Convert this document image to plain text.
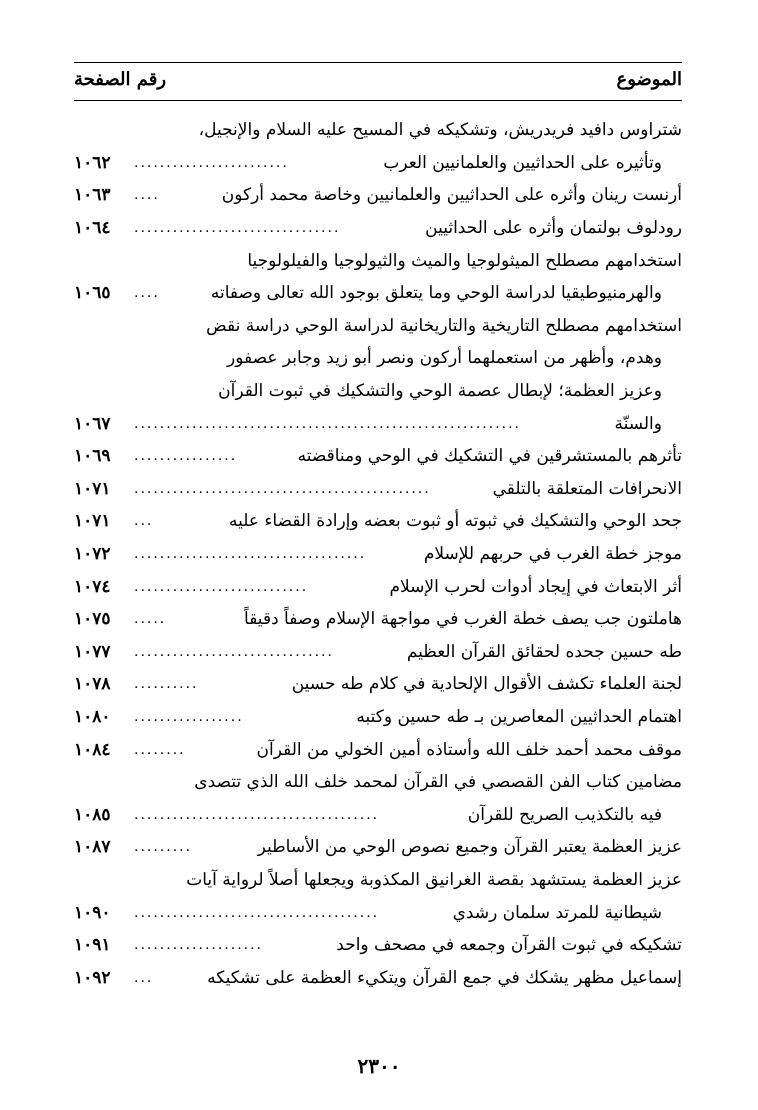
الموضوع
رقم الصفحة
شتراوس دافيد فريدريش، وتشكيكه في المسيح عليه السلام والإنجيل،
وتأثيره على الحداثيين والعلمانيين العرب
........................
١٠٦٢
أرنست رينان وأثره على الحداثيين والعلمانيين وخاصة محمد أركون
....
١٠٦٣
رودلوف بولتمان وأثره على الحداثيين
................................
١٠٦٤
استخدامهم مصطلح الميثولوجيا والميث والثيولوجيا والفيلولوجيا
والهرمنيوطيقيا لدراسة الوحي وما يتعلق بوجود الله تعالى وصفاته
....
١٠٦٥
استخدامهم مصطلح التاريخية والتاريخانية لدراسة الوحي دراسة نقض
وهدم، وأظهر من استعملهما أركون ونصر أبو زيد وجابر عصفور
وعزيز العظمة؛ لإبطال عصمة الوحي والتشكيك في ثبوت القرآن
والسنّة
............................................................
١٠٦٧
تأثرهم بالمستشرقين في التشكيك في الوحي ومناقضته
................
١٠٦٩
الانحرافات المتعلقة بالتلقي
..............................................
١٠٧١
جحد الوحي والتشكيك في ثبوته أو ثبوت بعضه وإرادة القضاء عليه
...
١٠٧١
موجز خطة الغرب في حربهم للإسلام
....................................
١٠٧٢
أثر الابتعاث في إيجاد أدوات لحرب الإسلام
...........................
١٠٧٤
هاملتون جب يصف خطة الغرب في مواجهة الإسلام وصفاً دقيقاً
.....
١٠٧٥
طه حسين جحده لحقائق القرآن العظيم
...............................
١٠٧٧
لجنة العلماء تكشف الأقوال الإلحادية في كلام طه حسين
..........
١٠٧٨
اهتمام الحداثيين المعاصرين بـ طه حسين وكتبه
.................
١٠٨٠
موقف محمد أحمد خلف الله وأستاذه أمين الخولي من القرآن
........
١٠٨٤
مضامين كتاب الفن القصصي في القرآن لمحمد خلف الله الذي تتصدى
فيه بالتكذيب الصريح للقرآن
......................................
١٠٨٥
عزيز العظمة يعتبر القرآن وجميع نصوص الوحي من الأساطير
.........
١٠٨٧
عزيز العظمة يستشهد بقصة الغرانيق المكذوبة ويجعلها أصلاً لرواية آيات
شيطانية للمرتد سلمان رشدي
......................................
١٠٩٠
تشكيكه في ثبوت القرآن وجمعه في مصحف واحد
....................
١٠٩١
إسماعيل مظهر يشكك في جمع القرآن ويتكيء العظمة على تشكيكه
...
١٠٩٢
٢٣٠٠
